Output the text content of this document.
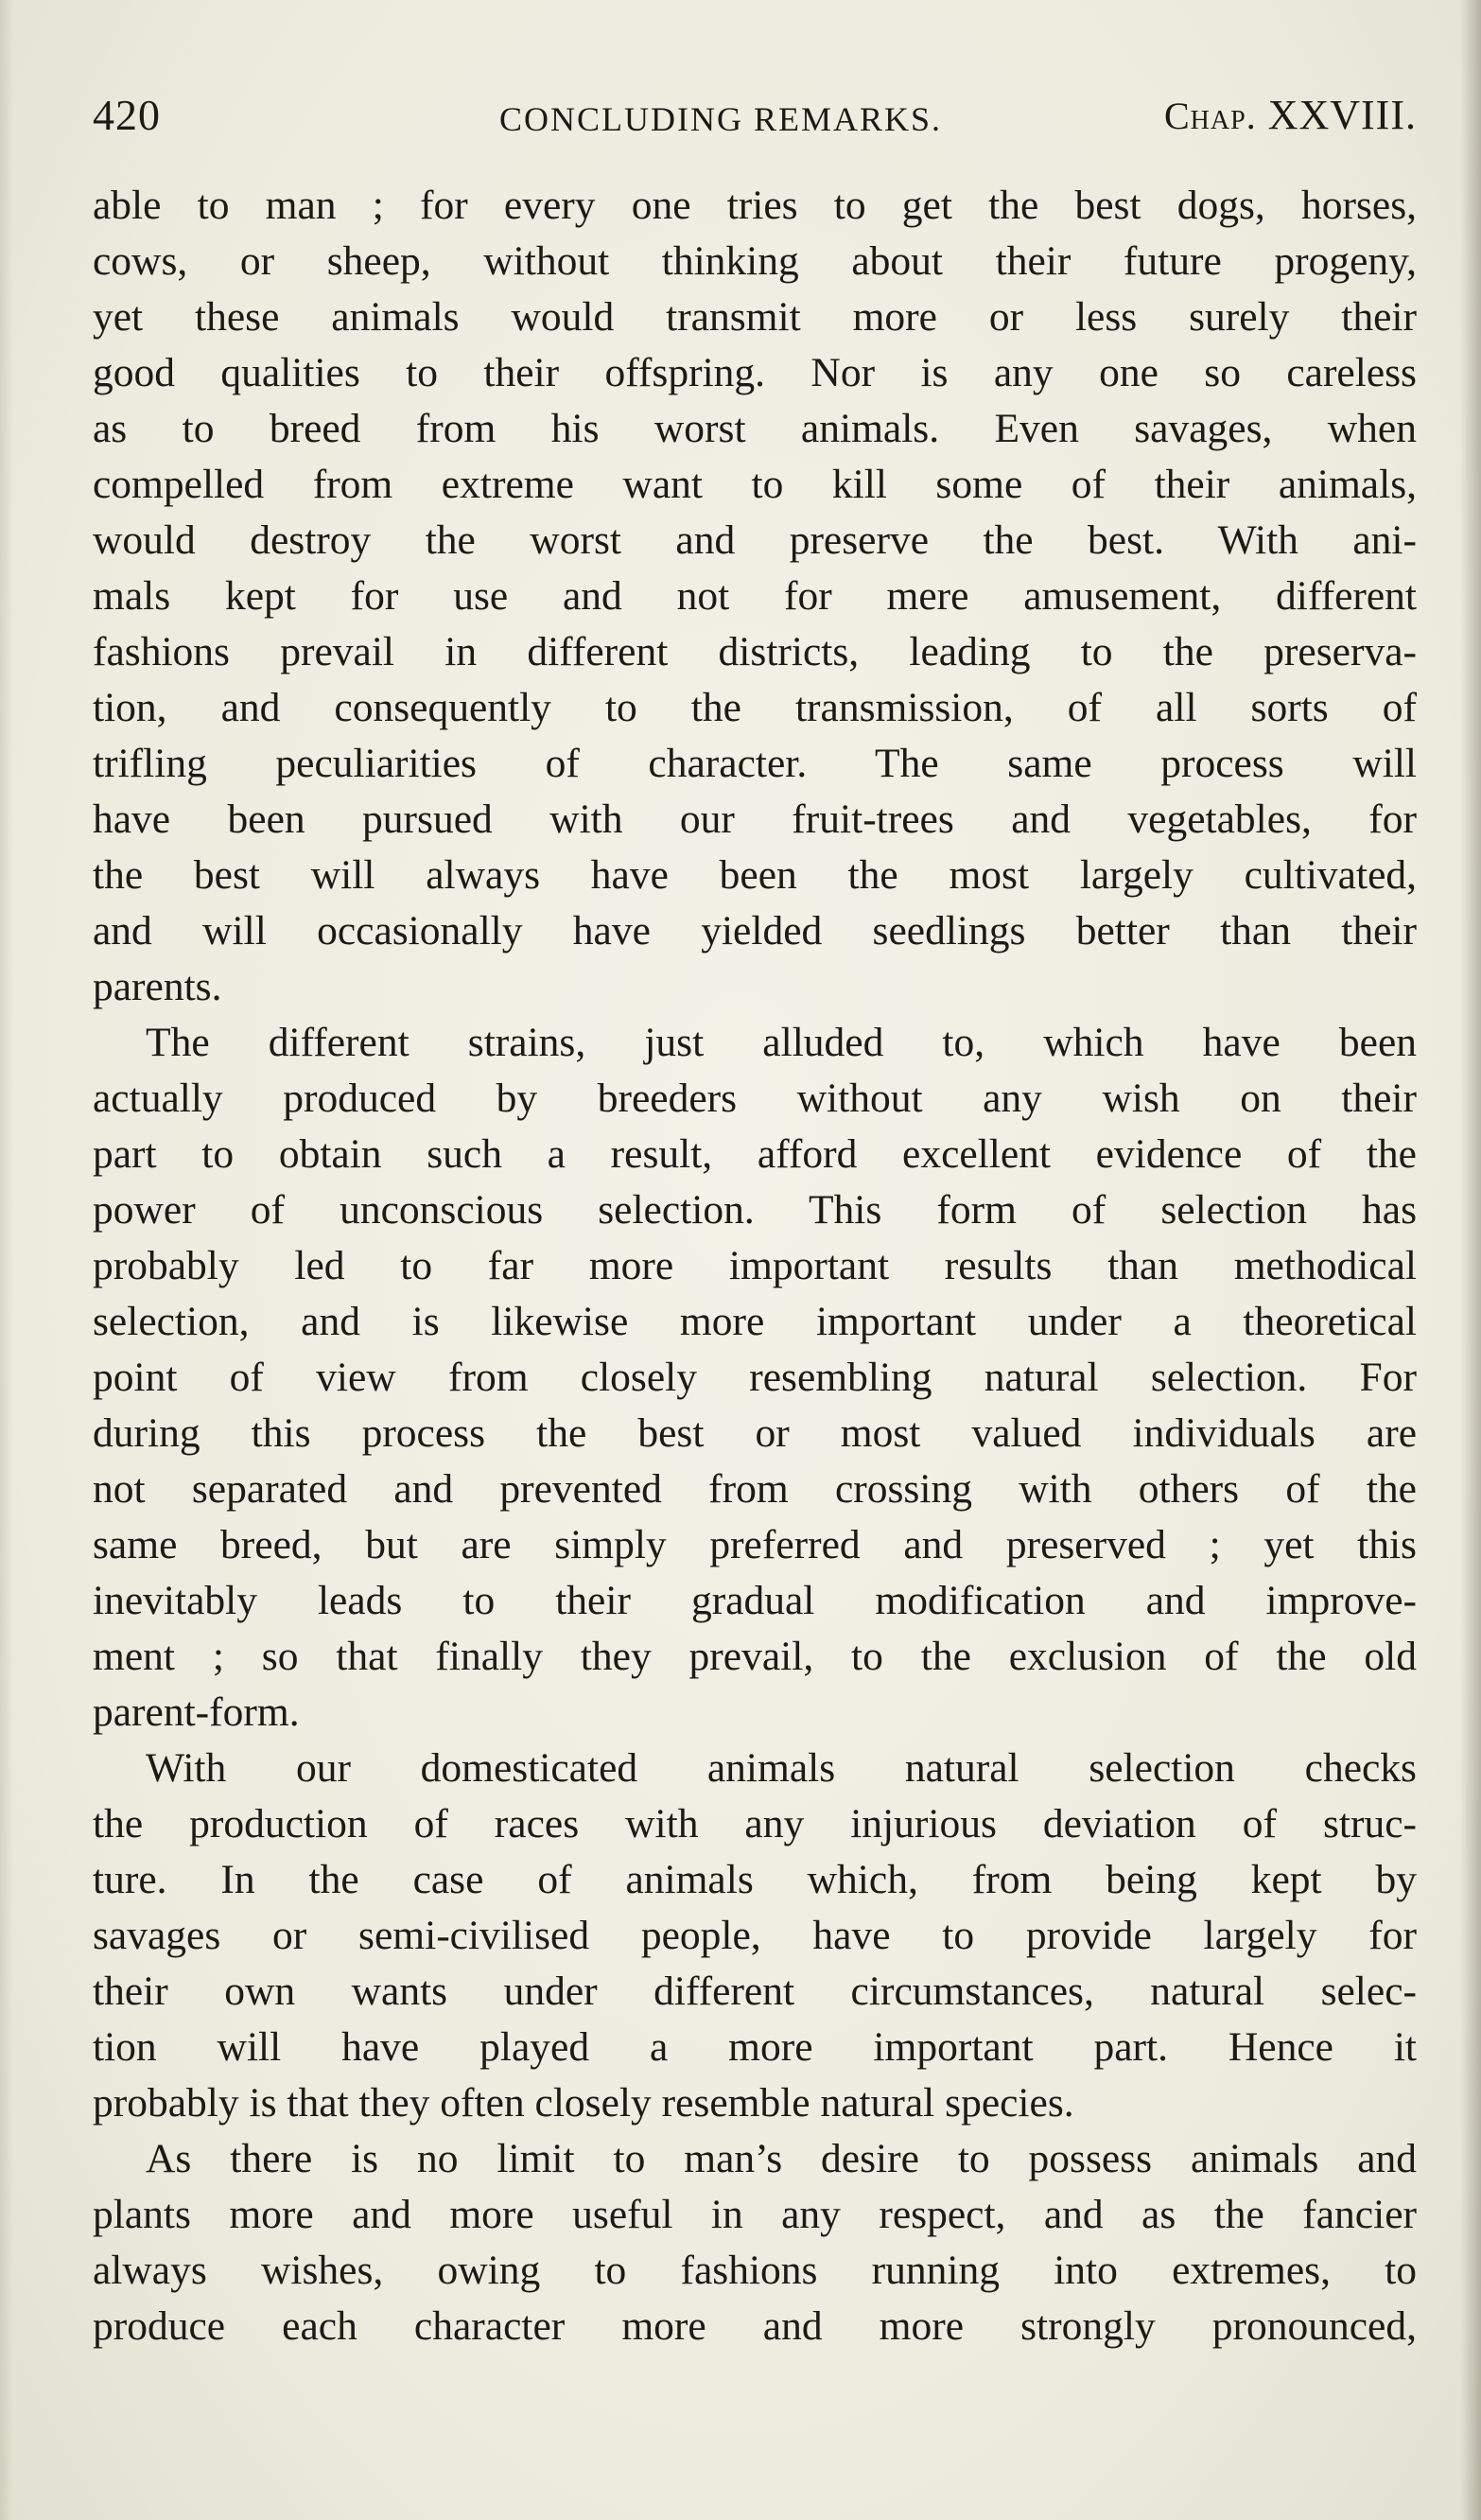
420	CONCLUDING REMARKS.	Chap. XXVIII.
able to man ; for every one tries to get the best dogs, horses,
cows, or sheep, without thinking about their future progeny,
yet these animals would transmit more or less surely their
good qualities to their offspring. Nor is any one so careless
as to breed from his worst animals. Even savages, when
compelled from extreme want to kill some of their animals,
would destroy the worst and preserve the best. With ani-
mals kept for use and not for mere amusement, different
fashions prevail in different districts, leading to the preserva-
tion, and consequently to the transmission, of all sorts of
trifling peculiarities of character. The same process will
have been pursued with our fruit-trees and vegetables, for
the best will always have been the most largely cultivated,
and will occasionally have yielded seedlings better than their
parents.
The different strains, just alluded to, which have been
actually produced by breeders without any wish on their
part to obtain such a result, afford excellent evidence of the
power of unconscious selection. This form of selection has
probably led to far more important results than methodical
selection, and is likewise more important under a theoretical
point of view from closely resembling natural selection. For
during this process the best or most valued individuals are
not separated and prevented from crossing with others of the
same breed, but are simply preferred and preserved ; yet this
inevitably leads to their gradual modification and improve-
ment ; so that finally they prevail, to the exclusion of the old
parent-form.
With our domesticated animals natural selection checks
the production of races with any injurious deviation of struc-
ture. In the case of animals which, from being kept by
savages or semi-civilised people, have to provide largely for
their own wants under different circumstances, natural selec-
tion will have played a more important part. Hence it
probably is that they often closely resemble natural species.
As there is no limit to man’s desire to possess animals and
plants more and more useful in any respect, and as the fancier
always wishes, owing to fashions running into extremes, to
produce each character more and more strongly pronounced,
